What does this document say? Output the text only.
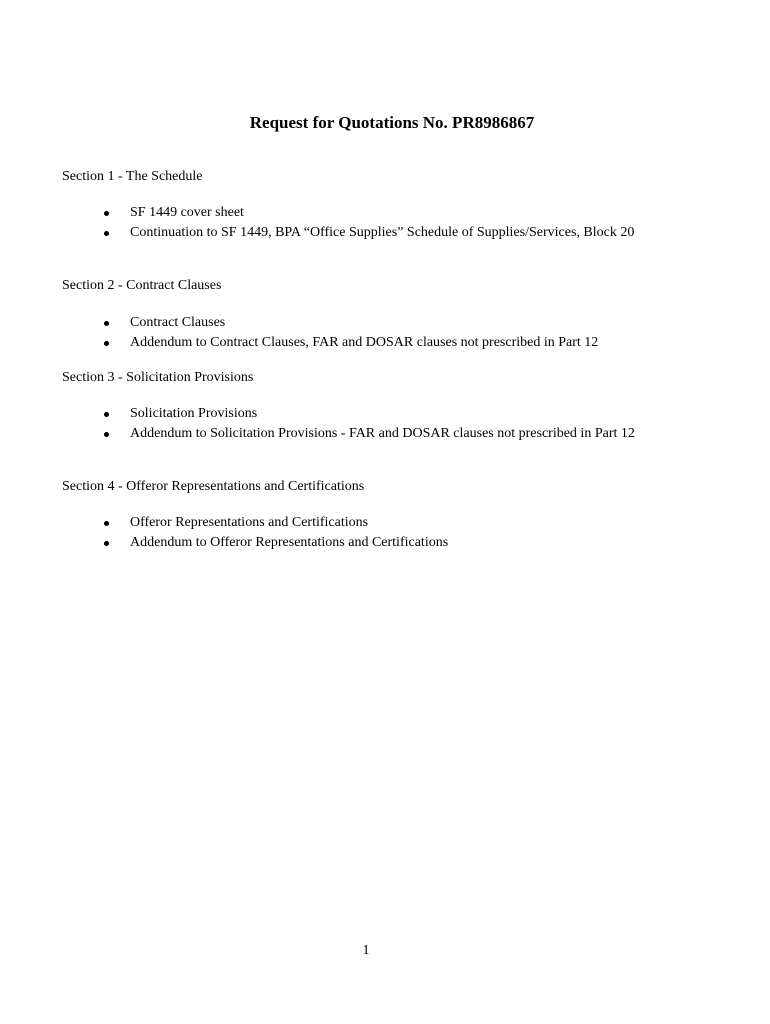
Request for Quotations No. PR8986867

Section 1 - The Schedule

SF 1449 cover sheet
Continuation to SF 1449, BPA “Office Supplies” Schedule of Supplies/Services, Block 20

Section 2 - Contract Clauses

Contract Clauses
Addendum to Contract Clauses, FAR and DOSAR clauses not prescribed in Part 12

Section 3 - Solicitation Provisions

Solicitation Provisions
Addendum to Solicitation Provisions - FAR and DOSAR clauses not prescribed in Part 12

Section 4 - Offeror Representations and Certifications

Offeror Representations and Certifications
Addendum to Offeror Representations and Certifications

1
